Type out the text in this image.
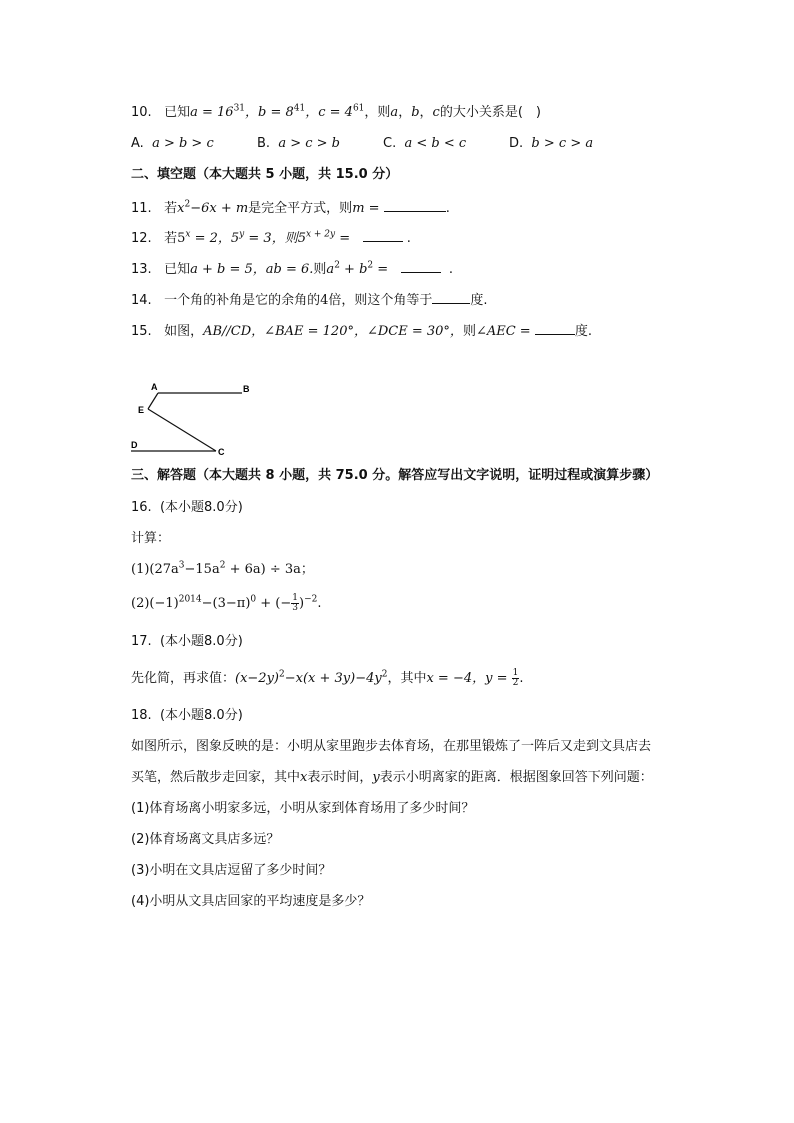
10. 已知$a = 16^{31}$，$b = 8^{41}$，$c = 4^{61}$，则a，b，c的大小关系是(　)
A. a > b > c	B. a > c > b	C. a < b < c	D. b > c > a
二、填空题（本大题共 5 小题，共 15.0 分）
11. 若$x^2-6x + m$是完全平方式，则m =	.
12. 若$5^x = 2$，$5^y = 3$，则$5^{x + 2y}$ =	.
13. 已知a + b = 5，ab = 6.则$a^2 + b^2$ =	.
14. 一个角的补角是它的余角的4倍，则这个角等于	度.
15. 如图，AB//CD，∠BAE = 120°，∠DCE = 30°，则∠AEC =	度.
A	B
E
D
C
三、解答题（本大题共 8 小题，共 75.0 分。解答应写出文字说明，证明过程或演算步骤）
16. (本小题8.0分)
计算：
$(1)(27a^3-15a^2 + 6a) \div 3a$；
$(2)(-1)^{2014}-(3-\pi)^0$ + (− $\frac{1}{3} )^{-2}$.
17. (本小题8.0分)
先化简，再求值：$(x-2y)^2-x(x + 3y)-4y^2$，其中x = −4，$y = \frac{1}{2}$ .
18. (本小题8.0分)
如图所示，图象反映的是：小明从家里跑步去体育场，在那里锻炼了一阵后又走到文具店去
买笔，然后散步走回家，其中x表示时间，y表示小明离家的距离．根据图象回答下列问题：
(1)体育场离小明家多远，小明从家到体育场用了多少时间？
(2)体育场离文具店多远？
(3)小明在文具店逗留了多少时间？
(4)小明从文具店回家的平均速度是多少？
